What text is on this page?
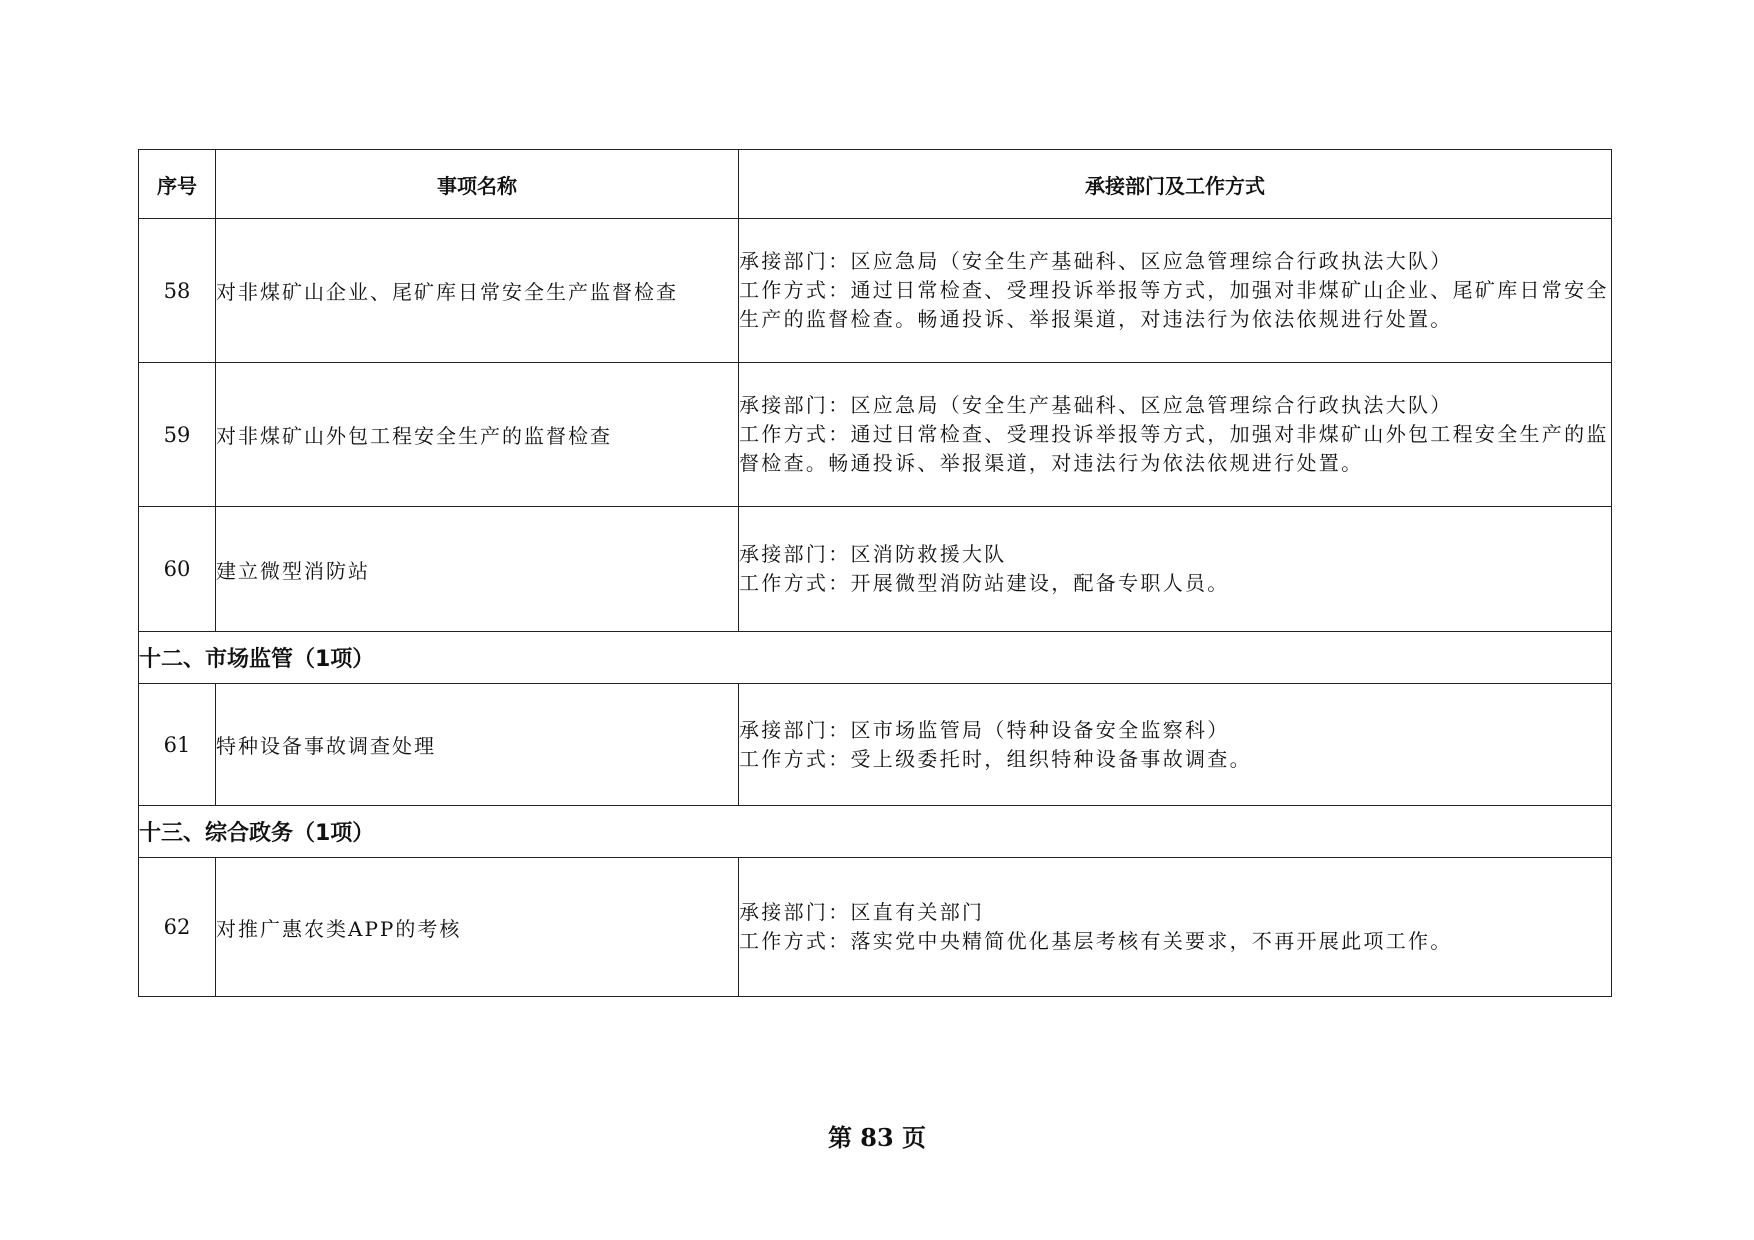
序号	事项名称	承接部门及工作方式
58	对非煤矿山企业、尾矿库日常安全生产监督检查	承接部门：区应急局（安全生产基础科、区应急管理综合行政执法大队）
工作方式：通过日常检查、受理投诉举报等方式，加强对非煤矿山企业、尾矿库日常安全
生产的监督检查。畅通投诉、举报渠道，对违法行为依法依规进行处置。

59	对非煤矿山外包工程安全生产的监督检查	承接部门：区应急局（安全生产基础科、区应急管理综合行政执法大队）
工作方式：通过日常检查、受理投诉举报等方式，加强对非煤矿山外包工程安全生产的监
督检查。畅通投诉、举报渠道，对违法行为依法依规进行处置。

60	建立微型消防站	承接部门：区消防救援大队
工作方式：开展微型消防站建设，配备专职人员。

十二、市场监管（1项）		
61	特种设备事故调查处理	承接部门：区市场监管局（特种设备安全监察科）
工作方式：受上级委托时，组织特种设备事故调查。

十三、综合政务（1项）		
62	对推广惠农类APP的考核	承接部门：区直有关部门
工作方式：落实党中央精简优化基层考核有关要求，不再开展此项工作。
第 83 页
